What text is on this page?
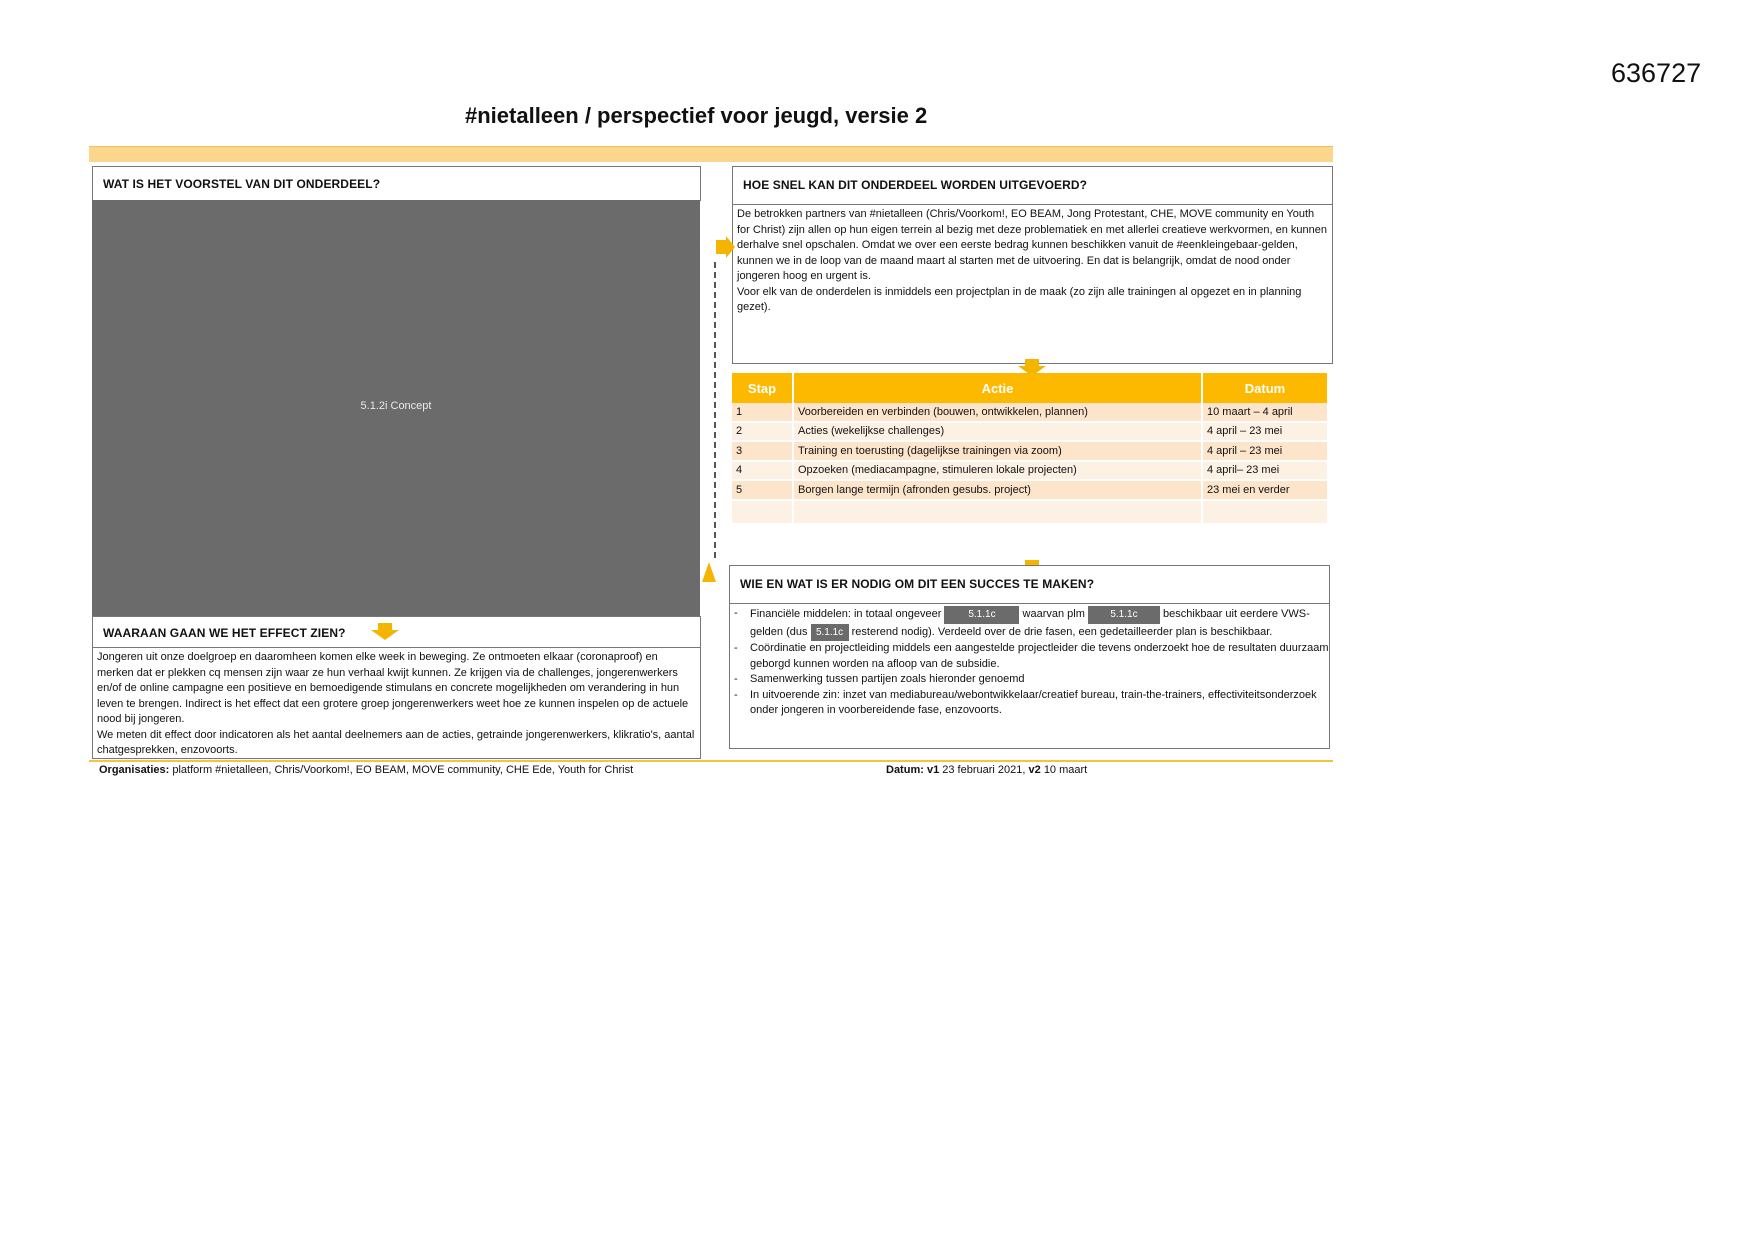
636727
#nietalleen / perspectief voor jeugd, versie 2
WAT IS HET VOORSTEL VAN DIT ONDERDEEL?
5.1.2i Concept
WAARAAN GAAN WE HET EFFECT ZIEN?
Jongeren uit onze doelgroep en daaromheen komen elke week in beweging. Ze ontmoeten elkaar (coronaproof) en merken dat er plekken cq mensen zijn waar ze hun verhaal kwijt kunnen. Ze krijgen via de challenges, jongerenwerkers en/of de online campagne een positieve en bemoedigende stimulans en concrete mogelijkheden om verandering in hun leven te brengen. Indirect is het effect dat een grotere groep jongerenwerkers weet hoe ze kunnen inspelen op de actuele nood bij jongeren.
We meten dit effect door indicatoren als het aantal deelnemers aan de acties, getrainde jongerenwerkers, klikratio's, aantal chatgesprekken, enzovoorts.
HOE SNEL KAN DIT ONDERDEEL WORDEN UITGEVOERD?
De betrokken partners van #nietalleen (Chris/Voorkom!, EO BEAM, Jong Protestant, CHE, MOVE community en Youth for Christ) zijn allen op hun eigen terrein al bezig met deze problematiek en met allerlei creatieve werkvormen, en kunnen derhalve snel opschalen. Omdat we over een eerste bedrag kunnen beschikken vanuit de #eenkleingebaar-gelden, kunnen we in de loop van de maand maart al starten met de uitvoering. En dat is belangrijk, omdat de nood onder jongeren hoog en urgent is.
Voor elk van de onderdelen is inmiddels een projectplan in de maak (zo zijn alle trainingen al opgezet en in planning gezet).
Stap	Actie	Datum
1	Voorbereiden en verbinden (bouwen, ontwikkelen, plannen)	10 maart – 4 april
2	Acties (wekelijkse challenges)	4 april – 23 mei
3	Training en toerusting (dagelijkse trainingen via zoom)	4 april – 23 mei
4	Opzoeken (mediacampagne, stimuleren lokale projecten)	4 april– 23 mei
5	Borgen lange termijn (afronden gesubs. project)	23 mei en verder

WIE EN WAT IS ER NODIG OM DIT EEN SUCCES TE MAKEN?
- Financiële middelen: in totaal ongeveer	5.1.1c waarvan plm	5.1.1c beschikbaar uit eerdere VWS-gelden (dus 5.1.1c resterend nodig). Verdeeld over de drie fasen, een gedetailleerder plan is beschikbaar.
- Coördinatie en projectleiding middels een aangestelde projectleider die tevens onderzoekt hoe de resultaten duurzaam geborgd kunnen worden na afloop van de subsidie.
- Samenwerking tussen partijen zoals hieronder genoemd
- In uitvoerende zin: inzet van mediabureau/webontwikkelaar/creatief bureau, train-the-trainers, effectiviteitsonderzoek onder jongeren in voorbereidende fase, enzovoorts.
Organisaties: platform #nietalleen, Chris/Voorkom!, EO BEAM, MOVE community, CHE Ede, Youth for Christ	Datum: v1 23 februari 2021, v2 10 maart
